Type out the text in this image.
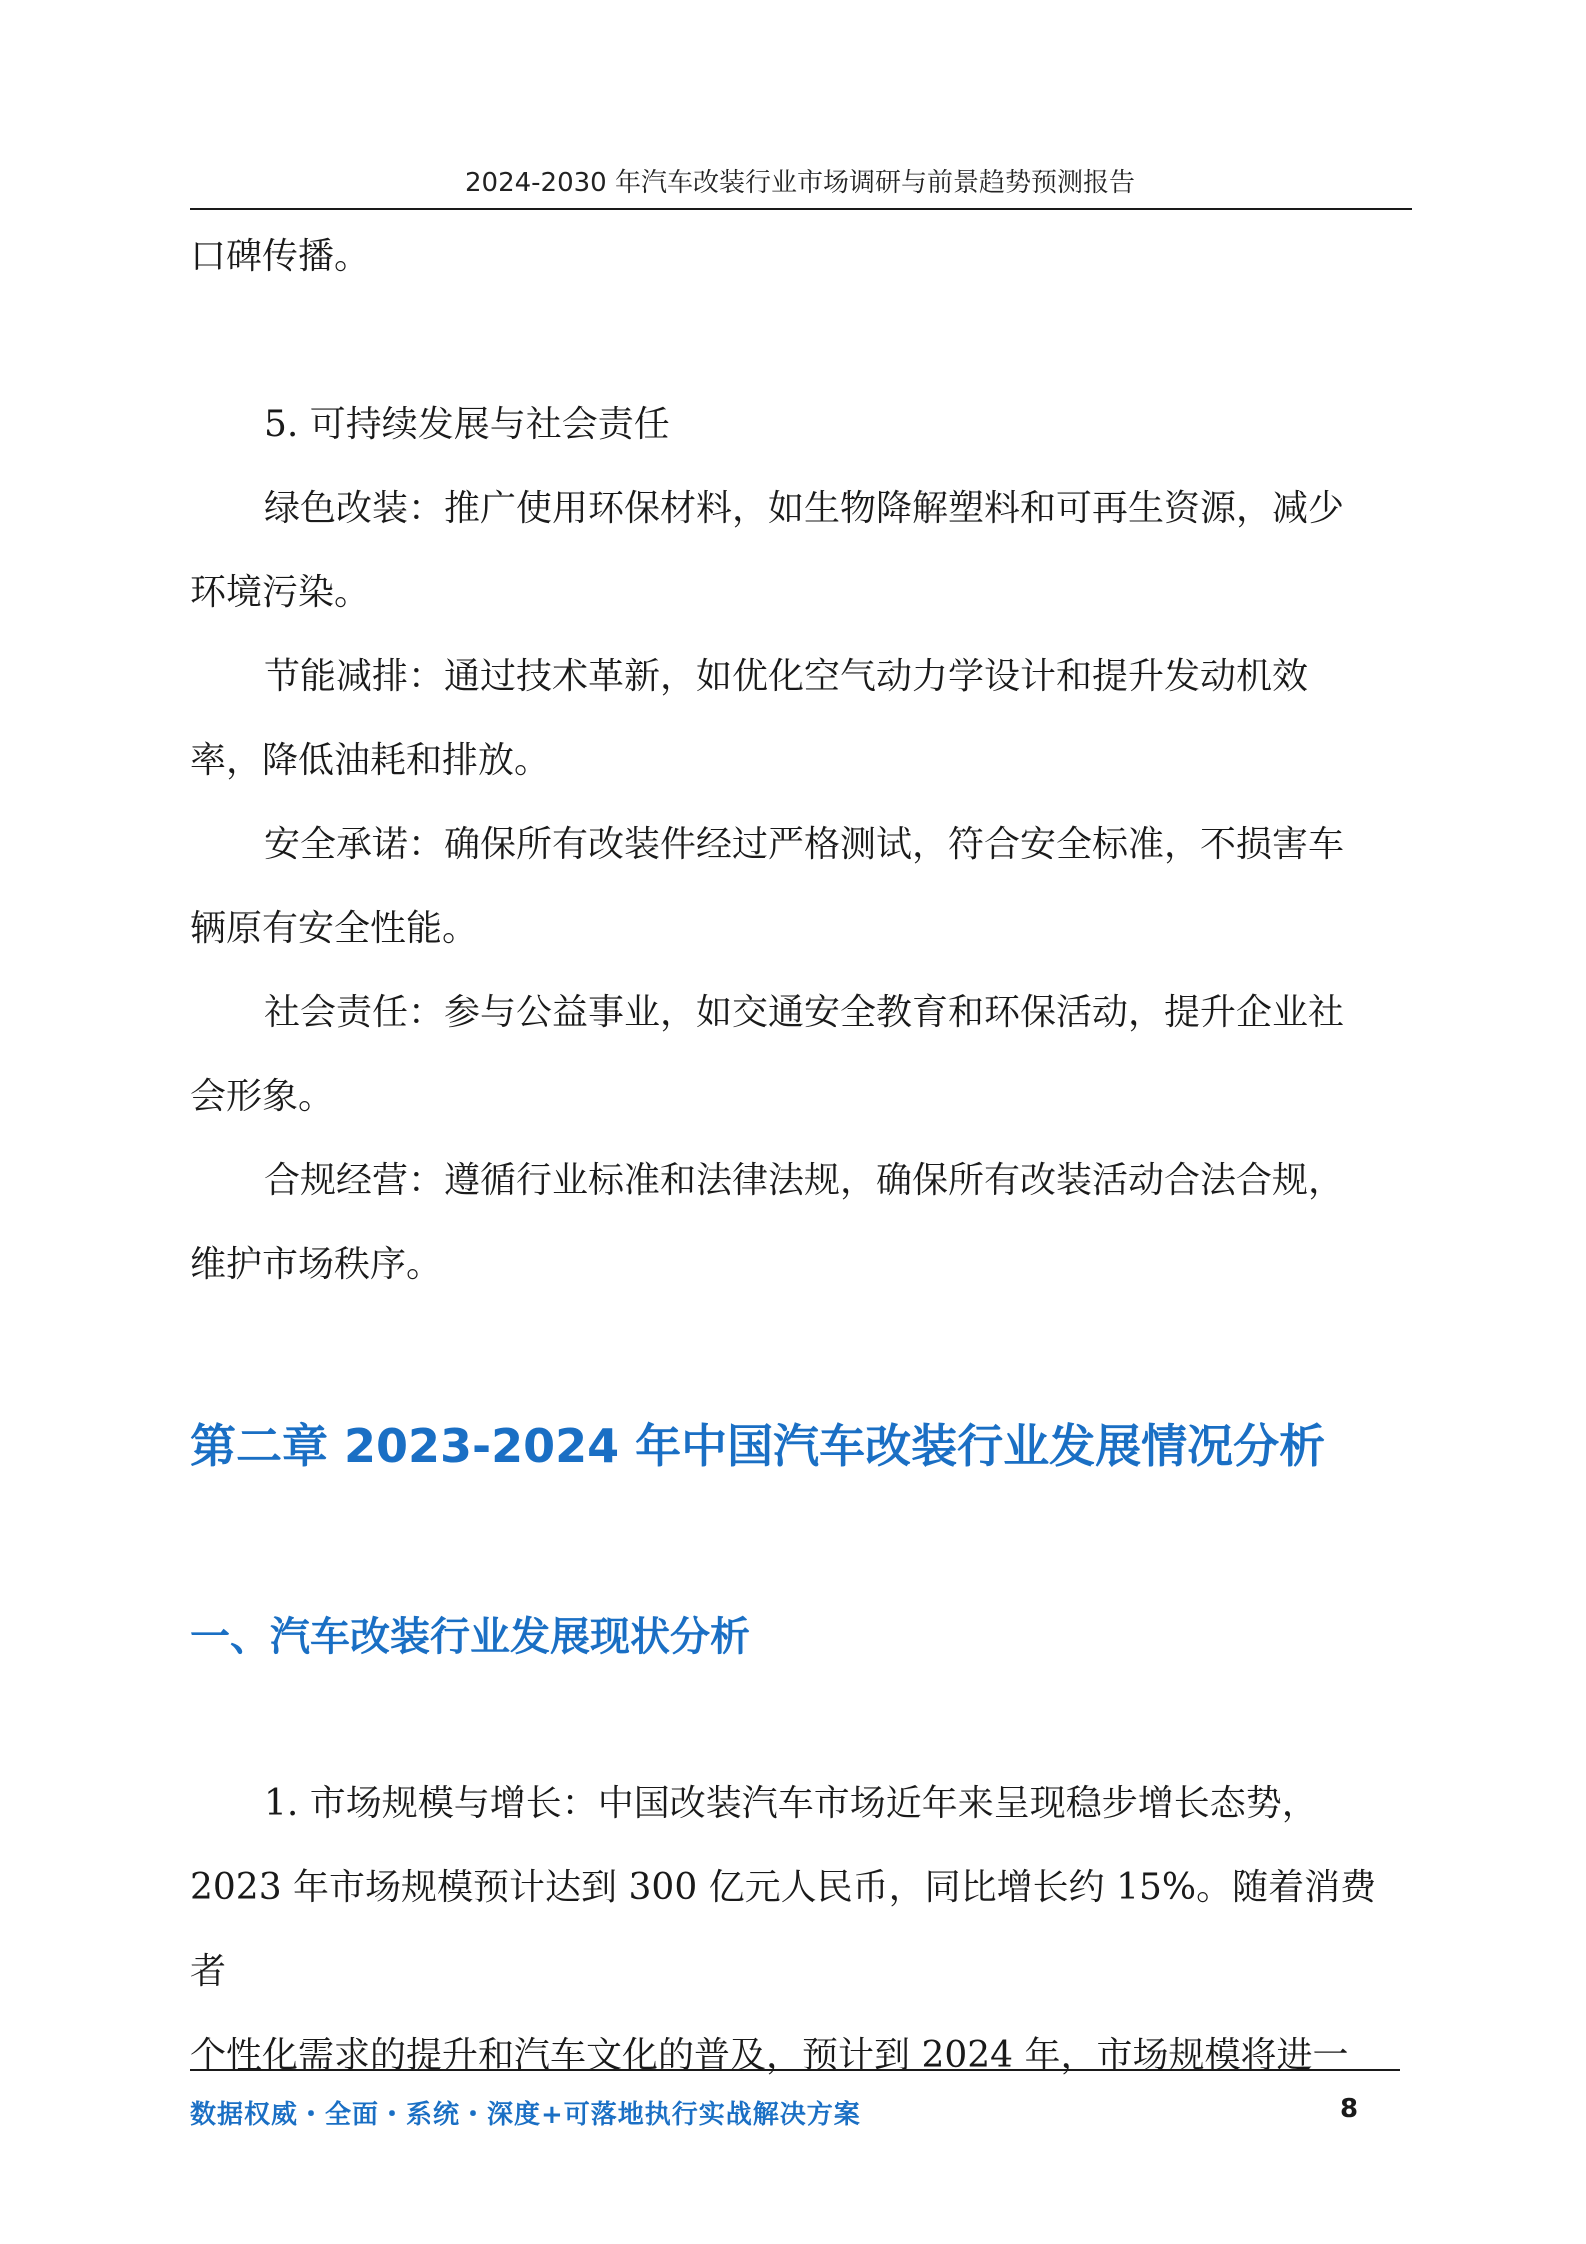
2024-2030 年汽车改装行业市场调研与前景趋势预测报告

口碑传播。

5. 可持续发展与社会责任

绿色改装：推广使用环保材料，如生物降解塑料和可再生资源，减少

环境污染。

节能减排：通过技术革新，如优化空气动力学设计和提升发动机效

率，降低油耗和排放。

安全承诺：确保所有改装件经过严格测试，符合安全标准，不损害车

辆原有安全性能。

社会责任：参与公益事业，如交通安全教育和环保活动，提升企业社

会形象。

合规经营：遵循行业标准和法律法规，确保所有改装活动合法合规，

维护市场秩序。

第二章 2023-2024 年中国汽车改装行业发展情况分析
一、汽车改装行业发展现状分析

1. 市场规模与增长：中国改装汽车市场近年来呈现稳步增长态势，

2023 年市场规模预计达到 300 亿元人民币，同比增长约 15%。随着消费者

个性化需求的提升和汽车文化的普及，预计到 2024 年，市场规模将进一

数据权威・全面・系统・深度+可落地执行实战解决方案	8
